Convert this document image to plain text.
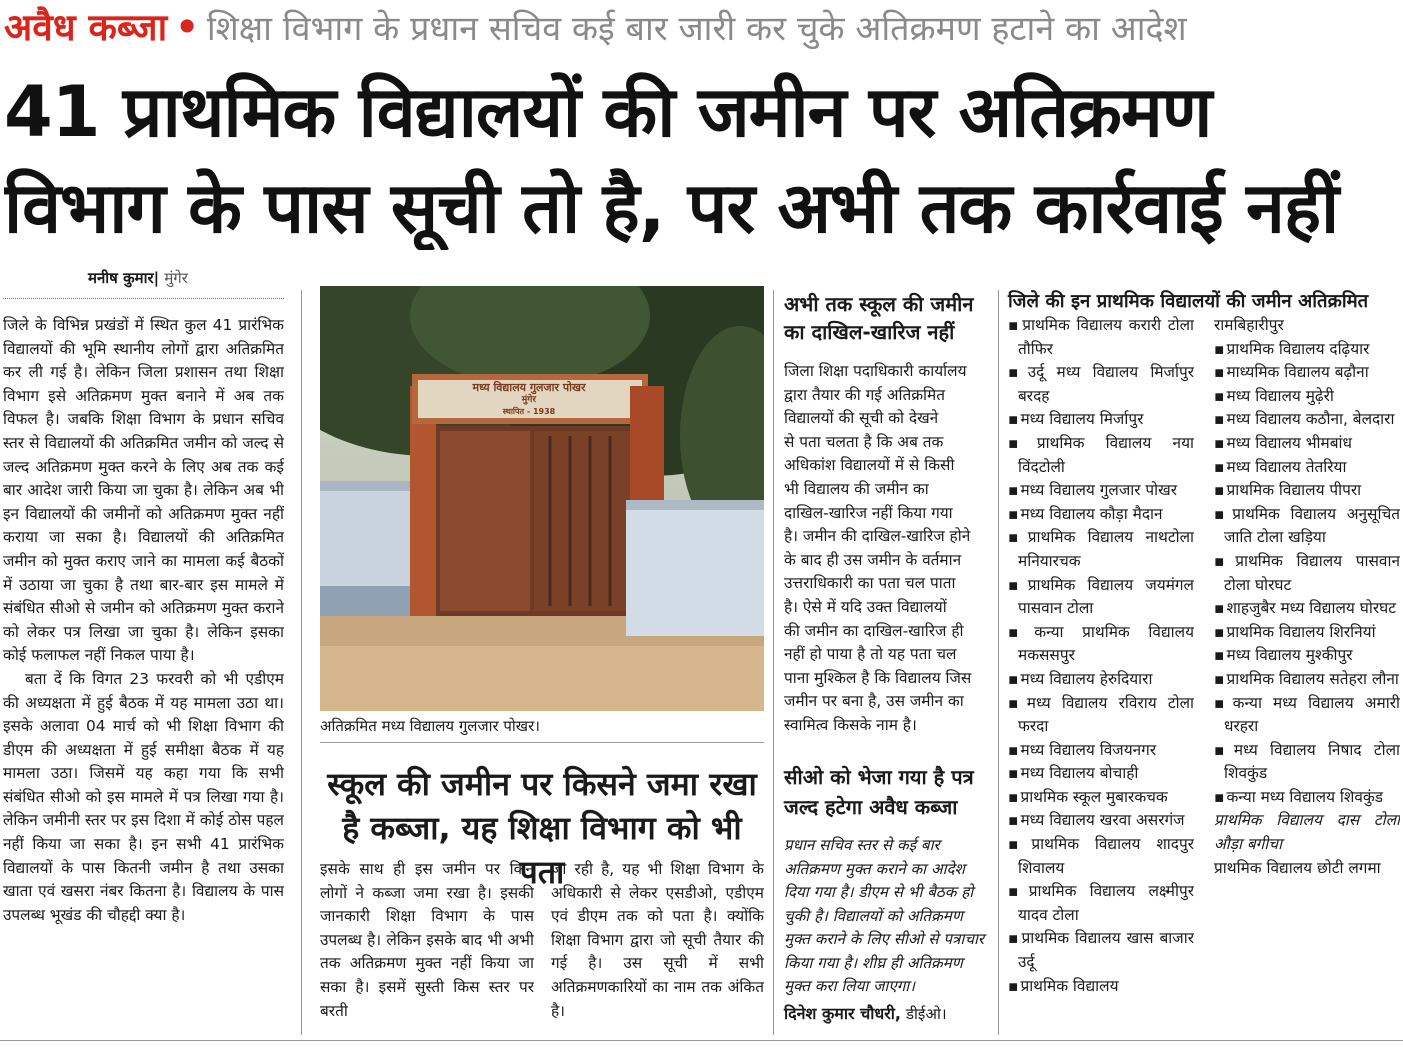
अवैध कब्जा • शिक्षा विभाग के प्रधान सचिव कई बार जारी कर चुके अतिक्रमण हटाने का आदेश
41 प्राथमिक विद्यालयों की जमीन पर अतिक्रमण
विभाग के पास सूची तो है, पर अभी तक कार्रवाई नहीं
मनीष कुमार| मुंगेर

जिले के विभिन्न प्रखंडों में स्थित कुल 41 प्रारंभिक विद्यालयों की भूमि स्थानीय लोगों द्वारा अतिक्रमित कर ली गई है। लेकिन जिला प्रशासन तथा शिक्षा विभाग इसे अतिक्रमण मुक्त बनाने में अब तक विफल है। जबकि शिक्षा विभाग के प्रधान सचिव स्तर से विद्यालयों की अतिक्रमित जमीन को जल्द से जल्द अतिक्रमण मुक्त करने के लिए अब तक कई बार आदेश जारी किया जा चुका है। लेकिन अब भी इन विद्यालयों की जमीनों को अतिक्रमण मुक्त नहीं कराया जा सका है। विद्यालयों की अतिक्रमित जमीन को मुक्त कराए जाने का मामला कई बैठकों में उठाया जा चुका है तथा बार-बार इस मामले में संबंधित सीओ से जमीन को अतिक्रमण मुक्त कराने को लेकर पत्र लिखा जा चुका है। लेकिन इसका कोई फलाफल नहीं निकल पाया है।

बता दें कि विगत 23 फरवरी को भी एडीएम की अध्यक्षता में हुई बैठक में यह मामला उठा था। इसके अलावा 04 मार्च को भी शिक्षा विभाग की डीएम की अध्यक्षता में हुई समीक्षा बैठक में यह मामला उठा। जिसमें यह कहा गया कि सभी संबंधित सीओ को इस मामले में पत्र लिखा गया है। लेकिन जमीनी स्तर पर इस दिशा में कोई ठोस पहल नहीं किया जा सका है। इन सभी 41 प्रारंभिक विद्यालयों के पास कितनी जमीन है तथा उसका खाता एवं खसरा नंबर कितना है। विद्यालय के पास उपलब्ध भूखंड की चौहद्दी क्या है।

मध्य विद्यालय गुलजार पोखर
मुंगेर
स्थापित - 1938
अतिक्रमित मध्य विद्यालय गुलजार पोखर।
स्कूल की जमीन पर किसने जमा रखा
है कब्जा, यह शिक्षा विभाग को भी पता
इसके साथ ही इस जमीन पर किन लोगों ने कब्जा जमा रखा है। इसकी जानकारी शिक्षा विभाग के पास उपलब्ध है। लेकिन इसके बाद भी अभी तक अतिक्रमण मुक्त नहीं किया जा सका है। इसमें सुस्ती किस स्तर पर बरती
जा रही है, यह भी शिक्षा विभाग के अधिकारी से लेकर एसडीओ, एडीएम एवं डीएम तक को पता है। क्योंकि शिक्षा विभाग द्वारा जो सूची तैयार की गई है। उस सूची में सभी अतिक्रमणकारियों का नाम तक अंकित है।
अभी तक स्कूल की जमीन का दाखिल-खारिज नहीं
जिला शिक्षा पदाधिकारी कार्यालय
द्वारा तैयार की गई अतिक्रमित
विद्यालयों की सूची को देखने
से पता चलता है कि अब तक
अधिकांश विद्यालयों में से किसी
भी विद्यालय की जमीन का
दाखिल-खारिज नहीं किया गया
है। जमीन की दाखिल-खारिज होने
के बाद ही उस जमीन के वर्तमान
उत्तराधिकारी का पता चल पाता
है। ऐसे में यदि उक्त विद्यालयों
की जमीन का दाखिल-खारिज ही
नहीं हो पाया है तो यह पता चल
पाना मुश्किल है कि विद्यालय जिस
जमीन पर बना है, उस जमीन का
स्वामित्व किसके नाम है।
सीओ को भेजा गया है पत्र जल्द हटेगा अवैध कब्जा
प्रधान सचिव स्तर से कई बार अतिक्रमण मुक्त कराने का आदेश दिया गया है। डीएम से भी बैठक हो चुकी है। विद्यालयों को अतिक्रमण मुक्त कराने के लिए सीओ से पत्राचार किया गया है। शीघ्र ही अतिक्रमण मुक्त करा लिया जाएगा।
दिनेश कुमार चौधरी, डीईओ।
जिले की इन प्राथमिक विद्यालयों की जमीन अतिक्रमित
▪ प्राथमिक विद्यालय करारी टोला तौफिर
▪ उर्दू मध्य विद्यालय मिर्जापुर बरदह
▪ मध्य विद्यालय मिर्जापुर
▪ प्राथमिक विद्यालय नया विंदटोली
▪ मध्य विद्यालय गुलजार पोखर
▪ मध्य विद्यालय कौड़ा मैदान
▪ प्राथमिक विद्यालय नाथटोला मनियारचक
▪ प्राथमिक विद्यालय जयमंगल पासवान टोला
▪ कन्या प्राथमिक विद्यालय मकससपुर
▪ मध्य विद्यालय हेरुदियारा
▪ मध्य विद्यालय रविराय टोला फरदा
▪ मध्य विद्यालय विजयनगर
▪ मध्य विद्यालय बोचाही
▪ प्राथमिक स्कूल मुबारकचक
▪ मध्य विद्यालय खरवा असरगंज
▪ प्राथमिक विद्यालय शादपुर शिवालय
▪ प्राथमिक विद्यालय लक्ष्मीपुर यादव टोला
▪ प्राथमिक विद्यालय खास बाजार उर्दू
▪ प्राथमिक विद्यालय
रामबिहारीपुर
▪ प्राथमिक विद्यालय दढ़ियार
▪ माध्यमिक विद्यालय बढ़ौना
▪ मध्य विद्यालय मुढ़ेरी
▪ मध्य विद्यालय कठौना, बेलदारा
▪ मध्य विद्यालय भीमबांध
▪ मध्य विद्यालय तेतरिया
▪ प्राथमिक विद्यालय पीपरा
▪ प्राथमिक विद्यालय अनुसूचित जाति टोला खड़िया
▪ प्राथमिक विद्यालय पासवान टोला घोरघट
▪ शाहजुबैर मध्य विद्यालय घोरघट
▪ प्राथमिक विद्यालय शिरनियां
▪ मध्य विद्यालय मुश्कीपुर
▪ प्राथमिक विद्यालय सतेहरा लौना
▪ कन्या मध्य विद्यालय अमारी धरहरा
▪ मध्य विद्यालय निषाद टोला शिवकुंड
▪ कन्या मध्य विद्यालय शिवकुंड
प्राथमिक विद्यालय दास टोला औड़ा बगीचा
प्राथमिक विद्यालय छोटी लगमा
